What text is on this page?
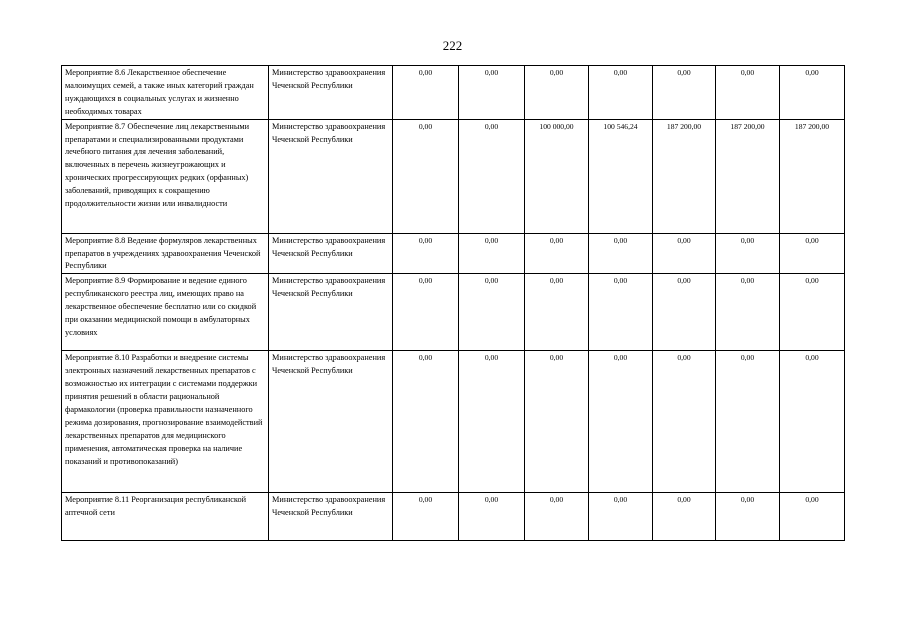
222
Мероприятие 8.6 Лекарственное обеспечение малоимущих семей, а также иных категорий граждан нуждающихся в социальных услугах и жизненно необходимых товарах	Министерство здравоохранения Чеченской Республики	0,00	0,00	0,00	0,00	0,00	0,00	0,00
Мероприятие 8.7 Обеспечение лиц лекарственными препаратами и специализированными продуктами лечебного питания для лечения заболеваний, включенных в перечень жизнеугрожающих и хронических прогрессирующих редких (орфанных) заболеваний, приводящих к сокращению продолжительности жизни или инвалидности	Министерство здравоохранения Чеченской Республики	0,00	0,00	100 000,00	100 546,24	187 200,00	187 200,00	187 200,00
Мероприятие 8.8 Ведение формуляров лекарственных препаратов в учреждениях здравоохранения Чеченской Республики	Министерство здравоохранения Чеченской Республики	0,00	0,00	0,00	0,00	0,00	0,00	0,00
Мероприятие 8.9 Формирование и ведение единого республиканского реестра лиц, имеющих право на лекарственное обеспечение бесплатно или со скидкой при оказании медицинской помощи в амбулаторных условиях	Министерство здравоохранения Чеченской Республики	0,00	0,00	0,00	0,00	0,00	0,00	0,00
Мероприятие 8.10 Разработки и внедрение системы электронных назначений лекарственных препаратов с возможностью их интеграции с системами поддержки принятия решений в области рациональной фармакологии (проверка правильности назначенного режима дозирования, прогнозирование взаимодействий лекарственных препаратов для медицинского применения, автоматическая проверка на наличие показаний и противопоказаний)	Министерство здравоохранения Чеченской Республики	0,00	0,00	0,00	0,00	0,00	0,00	0,00
Мероприятие 8.11 Реорганизация республиканской аптечной сети	Министерство здравоохранения Чеченской Республики	0,00	0,00	0,00	0,00	0,00	0,00	0,00
